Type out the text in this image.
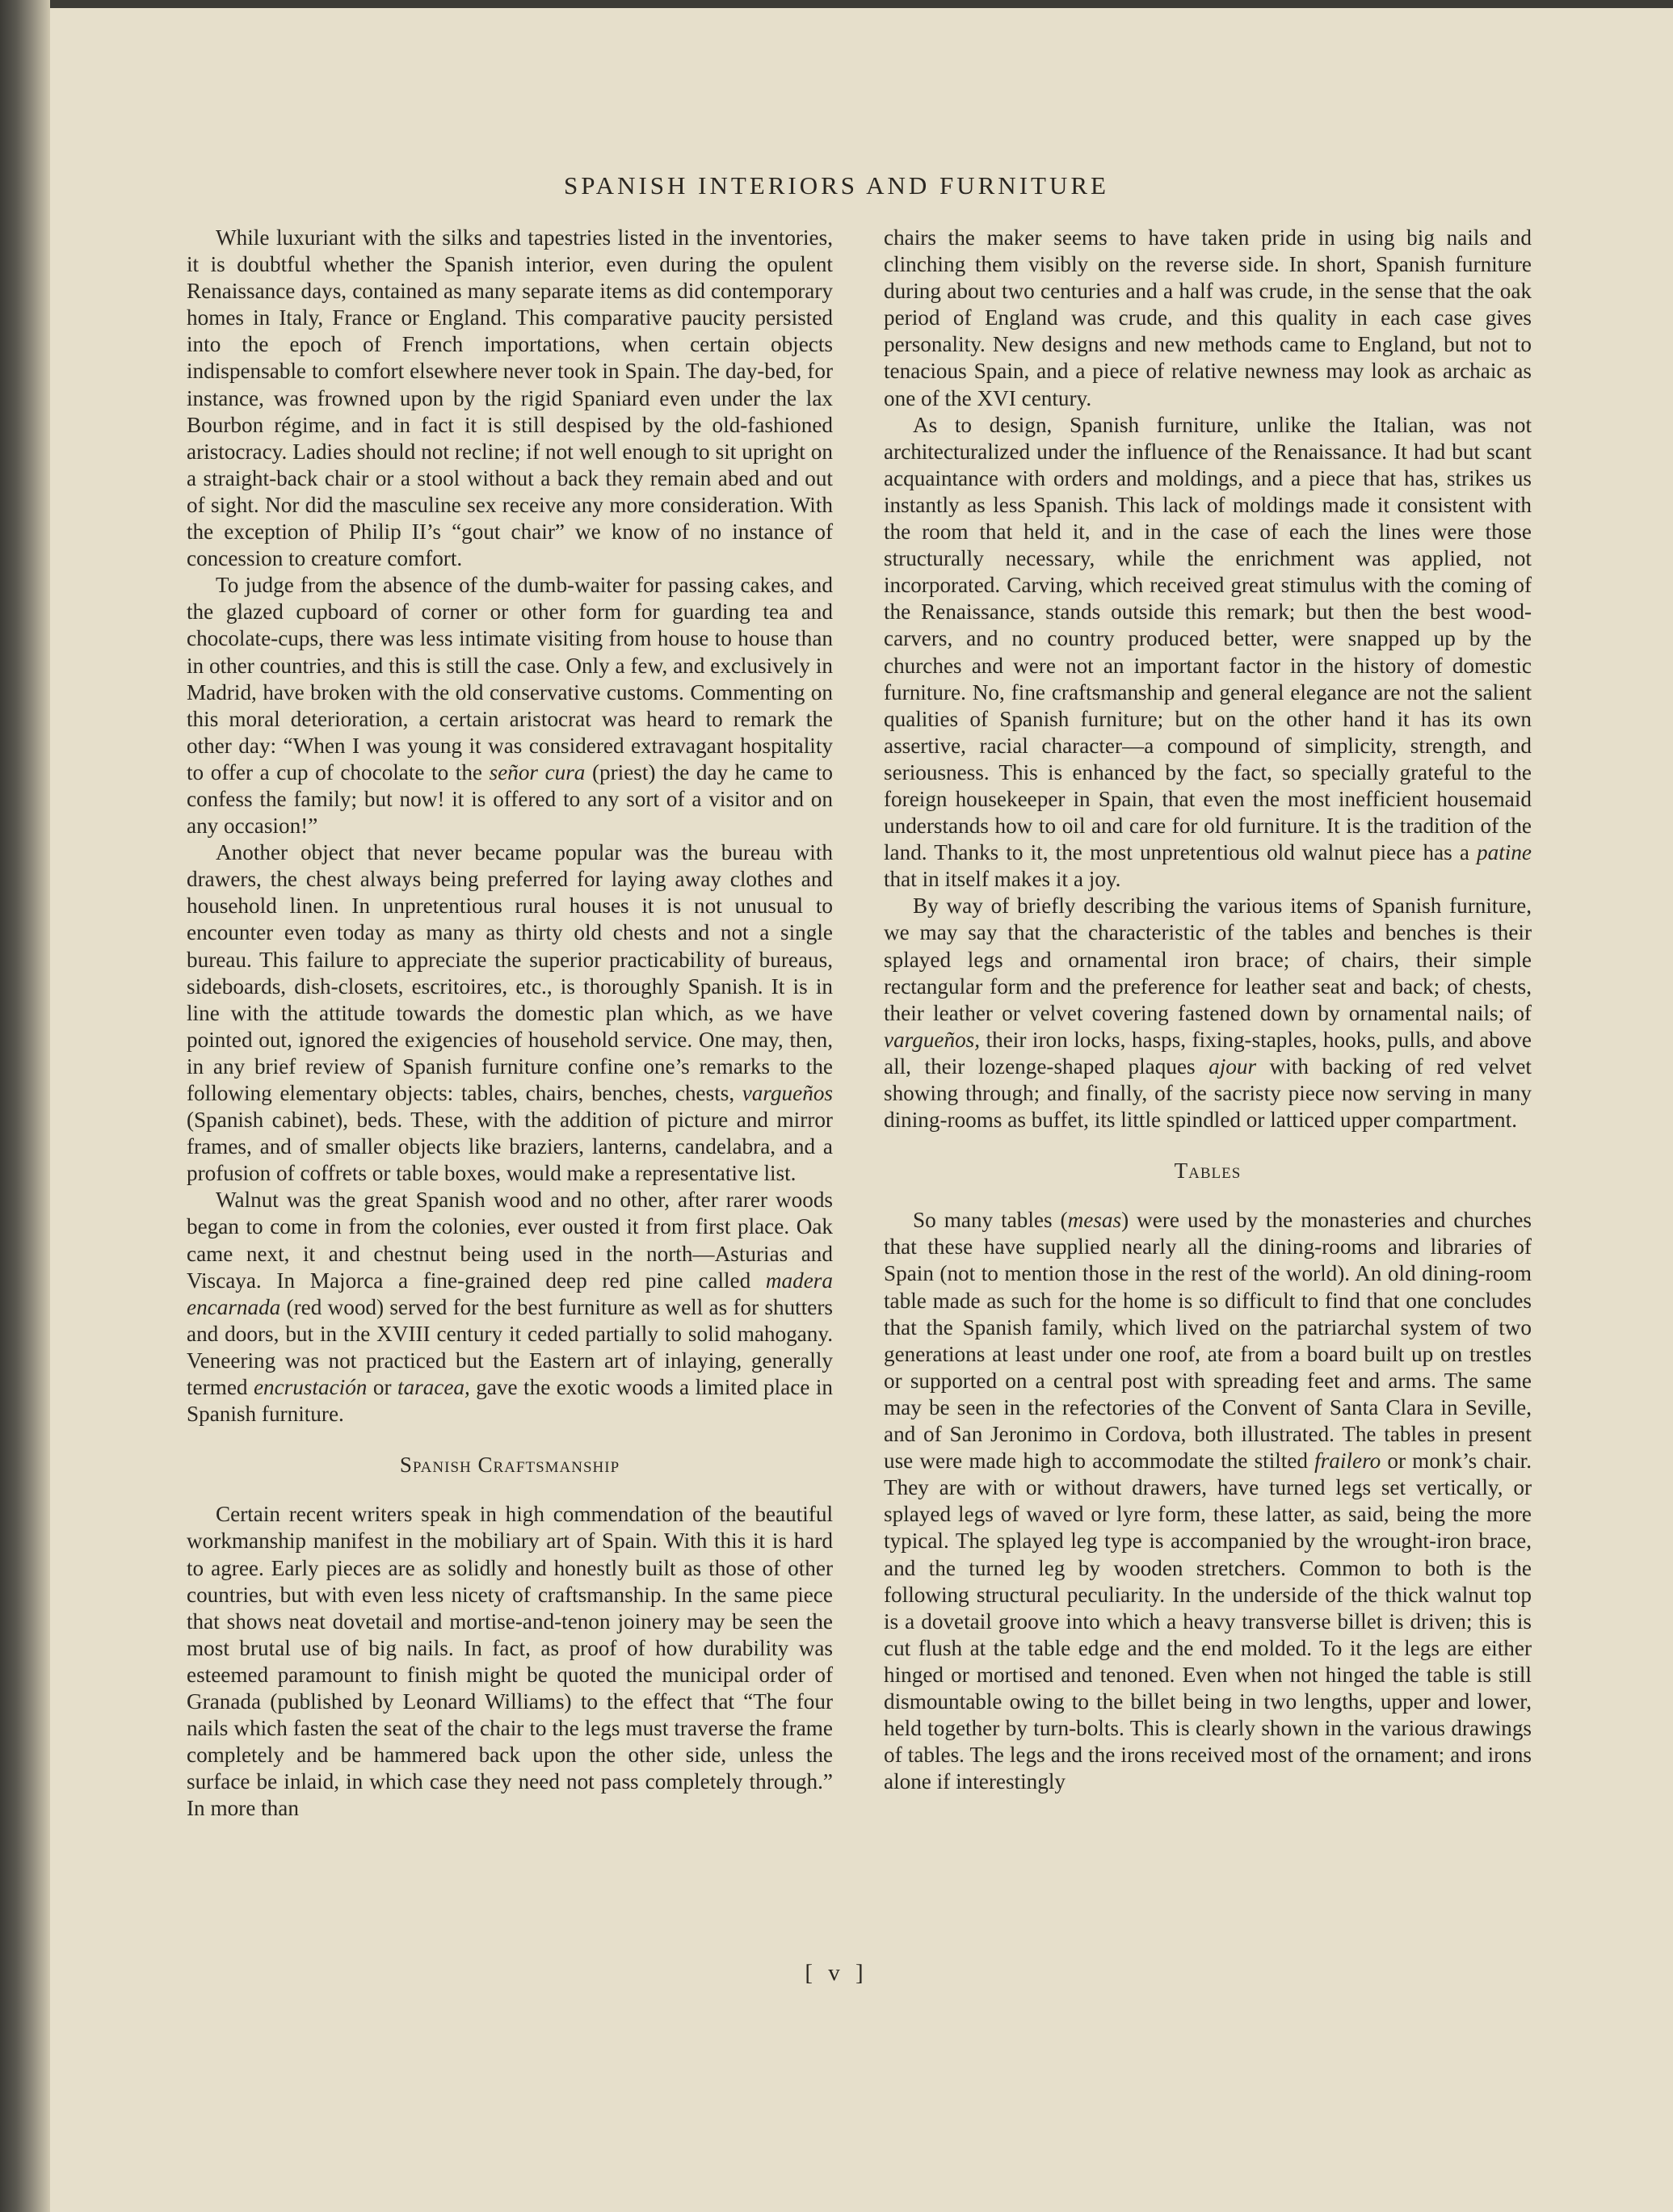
SPANISH INTERIORS AND FURNITURE

While luxuriant with the silks and tapestries listed in the inventories, it is doubtful whether the Spanish interior, even during the opulent Renaissance days, contained as many separate items as did contemporary homes in Italy, France or England. This comparative paucity persisted into the epoch of French importations, when certain objects indispensable to comfort elsewhere never took in Spain. The day-bed, for instance, was frowned upon by the rigid Spaniard even under the lax Bourbon régime, and in fact it is still despised by the old-fashioned aristocracy. Ladies should not recline; if not well enough to sit upright on a straight-back chair or a stool without a back they remain abed and out of sight. Nor did the masculine sex receive any more consideration. With the exception of Philip II’s “gout chair” we know of no instance of concession to creature comfort.

To judge from the absence of the dumb-waiter for passing cakes, and the glazed cupboard of corner or other form for guarding tea and chocolate-cups, there was less intimate visiting from house to house than in other countries, and this is still the case. Only a few, and exclusively in Madrid, have broken with the old conservative customs. Commenting on this moral deterioration, a certain aristocrat was heard to remark the other day: “When I was young it was considered extravagant hospitality to offer a cup of chocolate to the señor cura (priest) the day he came to confess the family; but now! it is offered to any sort of a visitor and on any occasion!”

Another object that never became popular was the bureau with drawers, the chest always being preferred for laying away clothes and household linen. In unpretentious rural houses it is not unusual to encounter even today as many as thirty old chests and not a single bureau. This failure to appreciate the superior practicability of bureaus, sideboards, dish-closets, escritoires, etc., is thoroughly Spanish. It is in line with the attitude towards the domestic plan which, as we have pointed out, ignored the exigencies of household service. One may, then, in any brief review of Spanish furniture confine one’s remarks to the following elementary objects: tables, chairs, benches, chests, vargueños (Spanish cabinet), beds. These, with the addition of picture and mirror frames, and of smaller objects like braziers, lanterns, candelabra, and a profusion of coffrets or table boxes, would make a representative list.

Walnut was the great Spanish wood and no other, after rarer woods began to come in from the colonies, ever ousted it from first place. Oak came next, it and chestnut being used in the north—Asturias and Viscaya. In Majorca a fine-grained deep red pine called madera encarnada (red wood) served for the best furniture as well as for shutters and doors, but in the XVIII century it ceded partially to solid mahogany. Veneering was not practiced but the Eastern art of inlaying, generally termed encrustación or taracea, gave the exotic woods a limited place in Spanish furniture.

Spanish Craftsmanship

Certain recent writers speak in high commendation of the beautiful workmanship manifest in the mobiliary art of Spain. With this it is hard to agree. Early pieces are as solidly and honestly built as those of other countries, but with even less nicety of craftsmanship. In the same piece that shows neat dovetail and mortise-and-tenon joinery may be seen the most brutal use of big nails. In fact, as proof of how durability was esteemed paramount to finish might be quoted the municipal order of Granada (published by Leonard Williams) to the effect that “The four nails which fasten the seat of the chair to the legs must traverse the frame completely and be hammered back upon the other side, unless the surface be inlaid, in which case they need not pass completely through.” In more than

chairs the maker seems to have taken pride in using big nails and clinching them visibly on the reverse side. In short, Spanish furniture during about two centuries and a half was crude, in the sense that the oak period of England was crude, and this quality in each case gives personality. New designs and new methods came to England, but not to tenacious Spain, and a piece of relative newness may look as archaic as one of the XVI century.

As to design, Spanish furniture, unlike the Italian, was not architecturalized under the influence of the Renaissance. It had but scant acquaintance with orders and moldings, and a piece that has, strikes us instantly as less Spanish. This lack of moldings made it consistent with the room that held it, and in the case of each the lines were those structurally necessary, while the enrichment was applied, not incorporated. Carving, which received great stimulus with the coming of the Renaissance, stands outside this remark; but then the best wood-carvers, and no country produced better, were snapped up by the churches and were not an important factor in the history of domestic furniture. No, fine craftsmanship and general elegance are not the salient qualities of Spanish furniture; but on the other hand it has its own assertive, racial character—a compound of simplicity, strength, and seriousness. This is enhanced by the fact, so specially grateful to the foreign housekeeper in Spain, that even the most inefficient housemaid understands how to oil and care for old furniture. It is the tradition of the land. Thanks to it, the most unpretentious old walnut piece has a patine that in itself makes it a joy.

By way of briefly describing the various items of Spanish furniture, we may say that the characteristic of the tables and benches is their splayed legs and ornamental iron brace; of chairs, their simple rectangular form and the preference for leather seat and back; of chests, their leather or velvet covering fastened down by ornamental nails; of vargueños, their iron locks, hasps, fixing-staples, hooks, pulls, and above all, their lozenge-shaped plaques ajour with backing of red velvet showing through; and finally, of the sacristy piece now serving in many dining-rooms as buffet, its little spindled or latticed upper compartment.

Tables

So many tables (mesas) were used by the monasteries and churches that these have supplied nearly all the dining-rooms and libraries of Spain (not to mention those in the rest of the world). An old dining-room table made as such for the home is so difficult to find that one concludes that the Spanish family, which lived on the patriarchal system of two generations at least under one roof, ate from a board built up on trestles or supported on a central post with spreading feet and arms. The same may be seen in the refectories of the Convent of Santa Clara in Seville, and of San Jeronimo in Cordova, both illustrated. The tables in present use were made high to accommodate the stilted frailero or monk’s chair. They are with or without drawers, have turned legs set vertically, or splayed legs of waved or lyre form, these latter, as said, being the more typical. The splayed leg type is accompanied by the wrought-iron brace, and the turned leg by wooden stretchers. Common to both is the following structural peculiarity. In the underside of the thick walnut top is a dovetail groove into which a heavy transverse billet is driven; this is cut flush at the table edge and the end molded. To it the legs are either hinged or mortised and tenoned. Even when not hinged the table is still dismountable owing to the billet being in two lengths, upper and lower, held together by turn-bolts. This is clearly shown in the various drawings of tables. The legs and the irons received most of the ornament; and irons alone if interestingly

[ v ]
